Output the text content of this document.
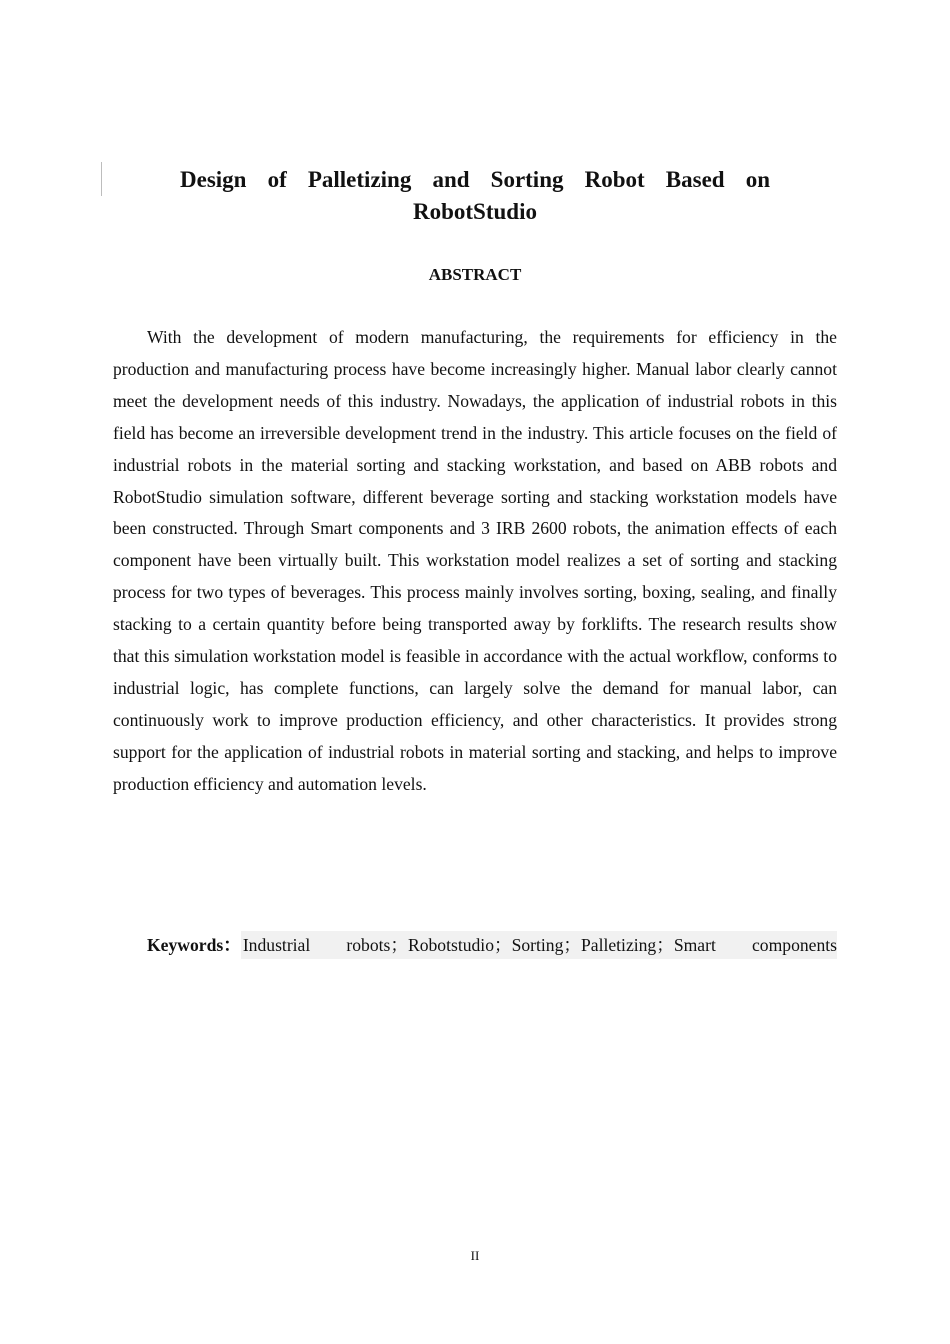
Design of Palletizing and Sorting Robot Based on RobotStudio
ABSTRACT

With the development of modern manufacturing, the requirements for efficiency in the production and manufacturing process have become increasingly higher. Manual labor clearly cannot meet the development needs of this industry. Nowadays, the application of industrial robots in this field has become an irreversible development trend in the industry. This article focuses on the field of industrial robots in the material sorting and stacking workstation, and based on ABB robots and RobotStudio simulation software, different beverage sorting and stacking workstation models have been constructed. Through Smart components and 3 IRB 2600 robots, the animation effects of each component have been virtually built. This workstation model realizes a set of sorting and stacking process for two types of beverages. This process mainly involves sorting, boxing, sealing, and finally stacking to a certain quantity before being transported away by forklifts. The research results show that this simulation workstation model is feasible in accordance with the actual workflow, conforms to industrial logic, has complete functions, can largely solve the demand for manual labor, can continuously work to improve production efficiency, and other characteristics. It provides strong support for the application of industrial robots in material sorting and stacking, and helps to improve production efficiency and automation levels.

Keywords： Industrial robots；Robotstudio；Sorting；Palletizing；Smart components

II
